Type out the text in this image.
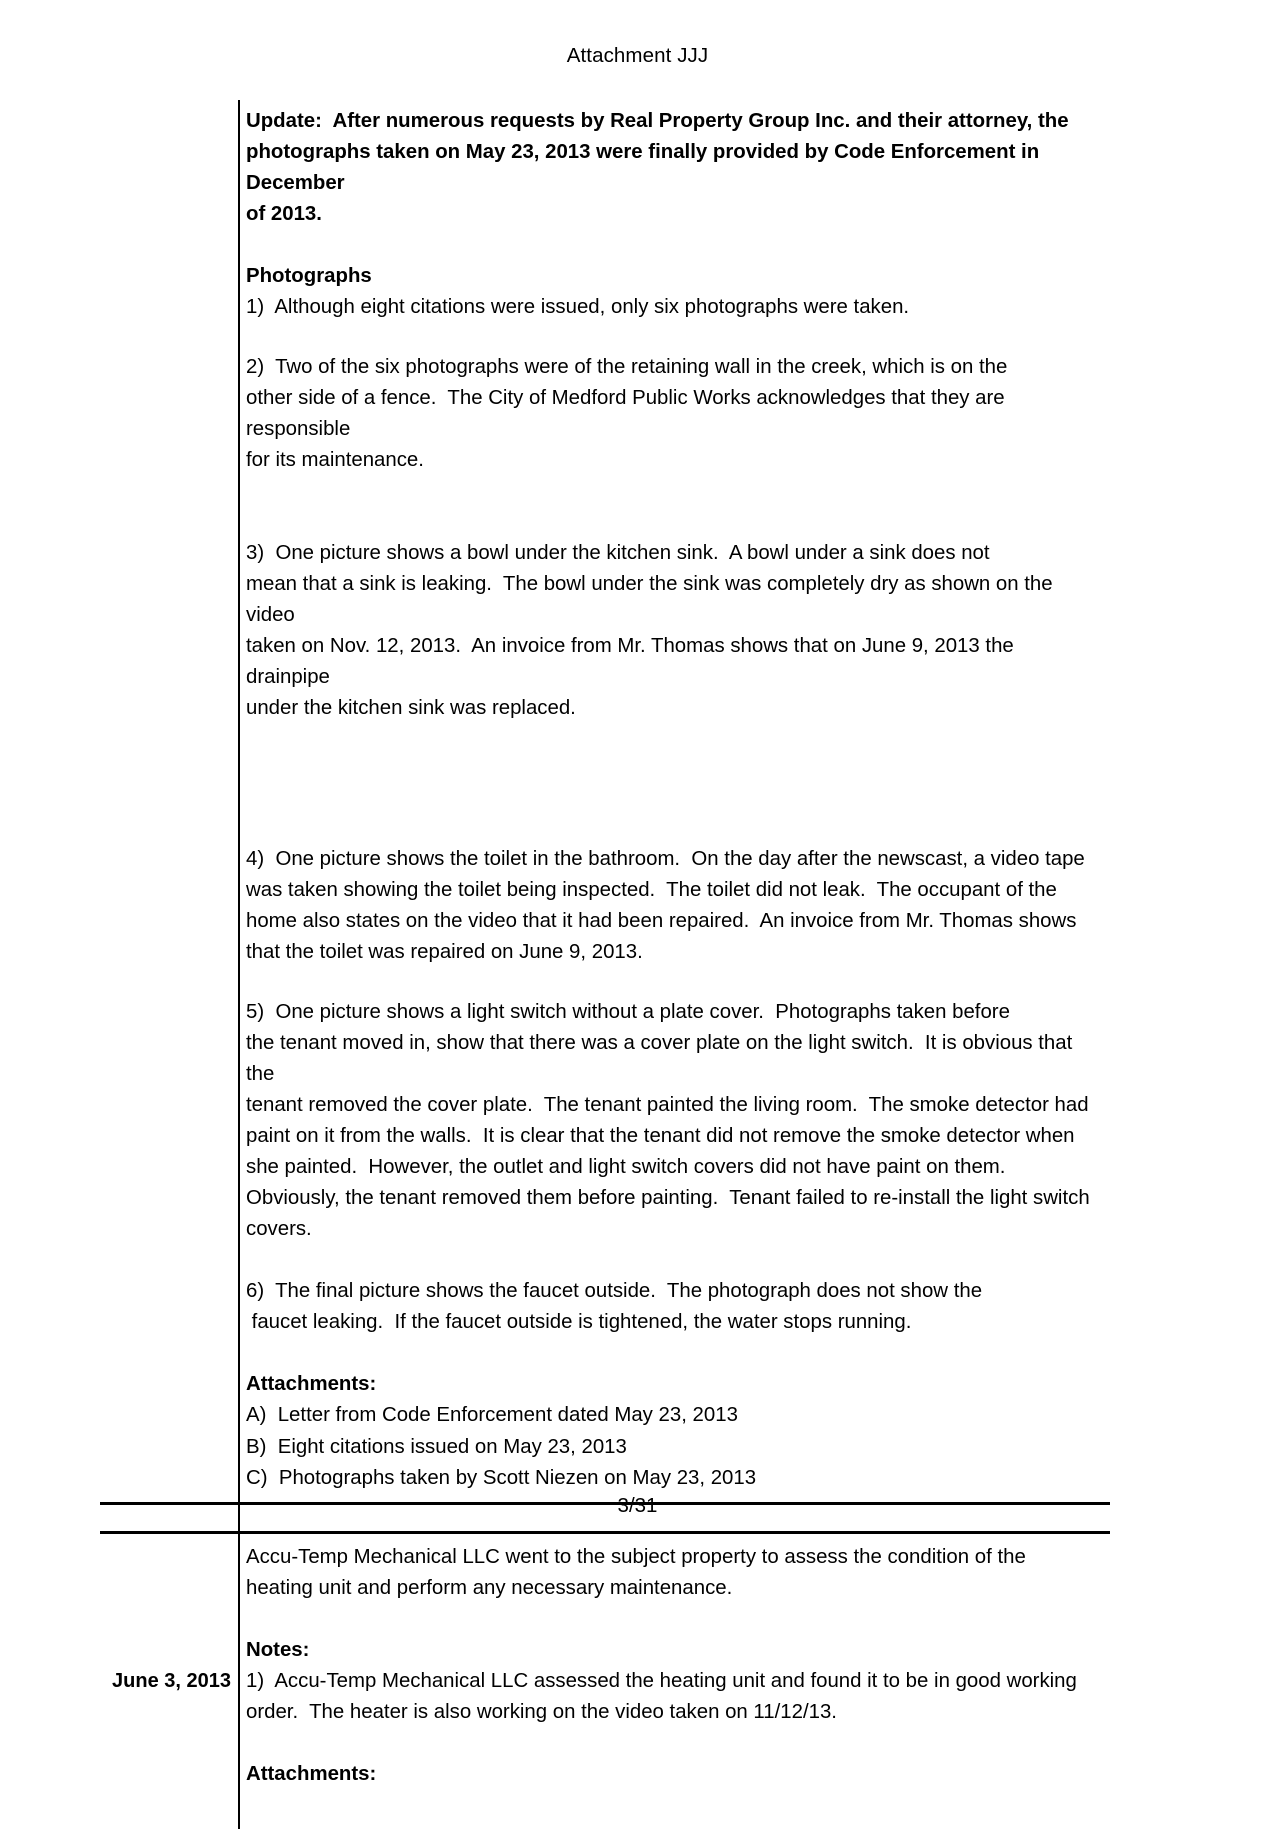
Attachment JJJ
Update:  After numerous requests by Real Property Group Inc. and their attorney, the
photographs taken on May 23, 2013 were finally provided by Code Enforcement in December
of 2013.
Photographs
1)  Although eight citations were issued, only six photographs were taken.
2)  Two of the six photographs were of the retaining wall in the creek, which is on the
other side of a fence.  The City of Medford Public Works acknowledges that they are responsible
for its maintenance.
3)  One picture shows a bowl under the kitchen sink.  A bowl under a sink does not
mean that a sink is leaking.  The bowl under the sink was completely dry as shown on the video
taken on Nov. 12, 2013.  An invoice from Mr. Thomas shows that on June 9, 2013 the drainpipe
under the kitchen sink was replaced.
4)  One picture shows the toilet in the bathroom.  On the day after the newscast, a video tape
was taken showing the toilet being inspected.  The toilet did not leak.  The occupant of the
home also states on the video that it had been repaired.  An invoice from Mr. Thomas shows
that the toilet was repaired on June 9, 2013.
5)  One picture shows a light switch without a plate cover.  Photographs taken before
the tenant moved in, show that there was a cover plate on the light switch.  It is obvious that the
tenant removed the cover plate.  The tenant painted the living room.  The smoke detector had
paint on it from the walls.  It is clear that the tenant did not remove the smoke detector when
she painted.  However, the outlet and light switch covers did not have paint on them.
Obviously, the tenant removed them before painting.  Tenant failed to re-install the light switch
covers.
6)  The final picture shows the faucet outside.  The photograph does not show the
faucet leaking.  If the faucet outside is tightened, the water stops running.
Attachments:
A)  Letter from Code Enforcement dated May 23, 2013
B)  Eight citations issued on May 23, 2013
C)  Photographs taken by Scott Niezen on May 23, 2013
June 3, 2013
Accu-Temp Mechanical LLC went to the subject property to assess the condition of the
heating unit and perform any necessary maintenance.
Notes:
1)  Accu-Temp Mechanical LLC assessed the heating unit and found it to be in good working
order.  The heater is also working on the video taken on 11/12/13.
Attachments:
3/31
